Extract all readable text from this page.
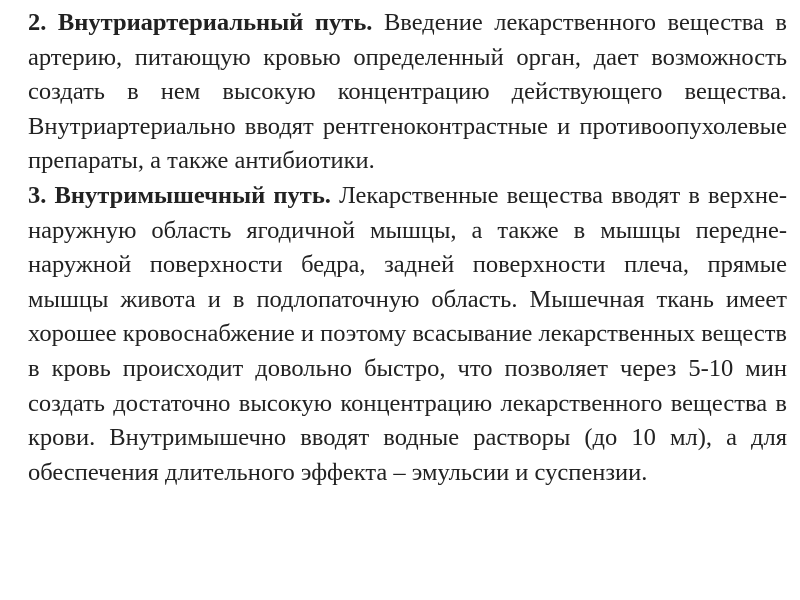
2. Внутриартериальный путь. Введение лекарственного вещества в артерию, питающую кровью определенный орган, дает возможность создать в нем высокую концентрацию действующего вещества. Внутриартериально вводят рентгеноконтрастные и противоопухолевые препараты, а также антибиотики.

3. Внутримышечный путь. Лекарственные вещества вводят в верхне-наружную область ягодичной мышцы, а также в мышцы передне-наружной поверхности бедра, задней поверхности плеча, прямые мышцы живота и в подлопаточную область. Мышечная ткань имеет хорошее кровоснабжение и поэтому всасывание лекарственных веществ в кровь происходит довольно быстро, что позволяет через 5-10 мин создать достаточно высокую концентрацию лекарственного вещества в крови. Внутримышечно вводят водные растворы (до 10 мл), а для обеспечения длительного эффекта – эмульсии и суспензии.
